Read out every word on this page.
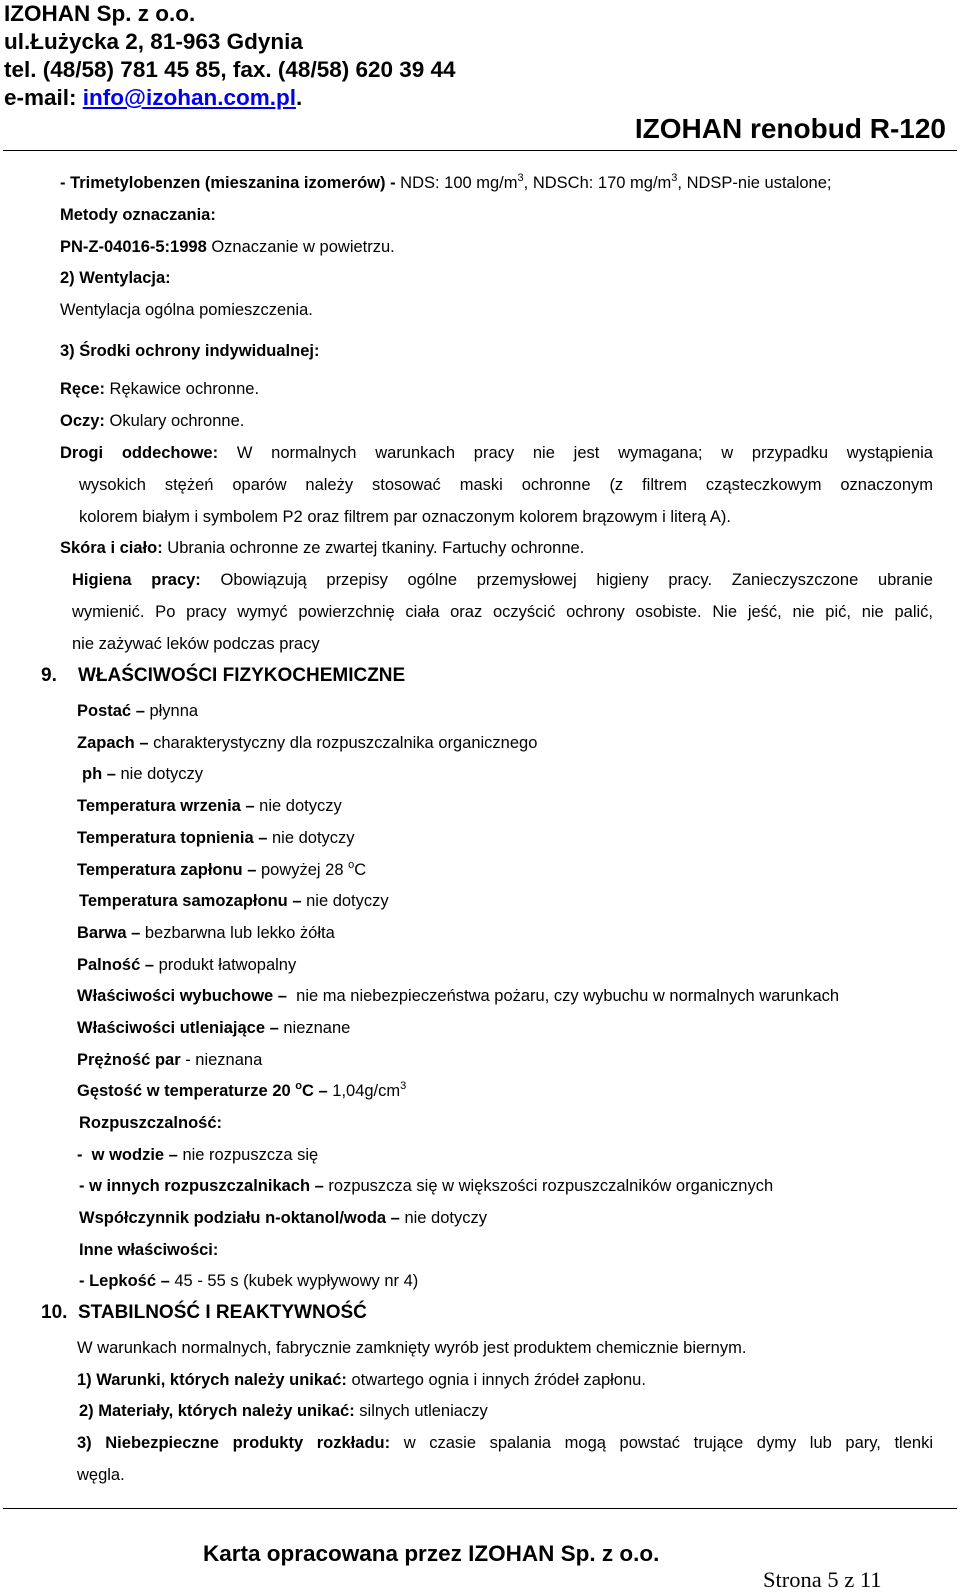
IZOHAN Sp. z o.o.
ul.Łużycka 2, 81-963 Gdynia
tel. (48/58) 781 45 85, fax. (48/58) 620 39 44
e-mail: info@izohan.com.pl.
IZOHAN renobud R-120
- Trimetylobenzen (mieszanina izomerów) - NDS: 100 $mg/m^3$, NDSCh: 170 $mg/m^3$, NDSP-nie ustalone;
Metody oznaczania:
PN-Z-04016-5:1998 Oznaczanie w powietrzu.
2) Wentylacja:
Wentylacja ogólna pomieszczenia.
3) Środki ochrony indywidualnej:
Ręce: Rękawice ochronne.
Oczy: Okulary ochronne.
Drogi oddechowe: W normalnych warunkach pracy nie jest wymagana; w przypadku wystąpienia
wysokich stężeń oparów należy stosować maski ochronne (z filtrem cząsteczkowym oznaczonym
kolorem białym i symbolem P2 oraz filtrem par oznaczonym kolorem brązowym i literą A).
Skóra i ciało: Ubrania ochronne ze zwartej tkaniny. Fartuchy ochronne.
Higiena pracy: Obowiązują przepisy ogólne przemysłowej higieny pracy. Zanieczyszczone ubranie
wymienić. Po pracy wymyć powierzchnię ciała oraz oczyścić ochrony osobiste. Nie jeść, nie pić, nie palić,
nie zażywać leków podczas pracy
9. WŁAŚCIWOŚCI FIZYKOCHEMICZNE
Postać – płynna
Zapach – charakterystyczny dla rozpuszczalnika organicznego
ph – nie dotyczy
Temperatura wrzenia – nie dotyczy
Temperatura topnienia – nie dotyczy
Temperatura zapłonu – powyżej 28 $^o$C
Temperatura samozapłonu – nie dotyczy
Barwa – bezbarwna lub lekko żółta
Palność – produkt łatwopalny
Właściwości wybuchowe –  nie ma niebezpieczeństwa pożaru, czy wybuchu w normalnych warunkach
Właściwości utleniające – nieznane
Prężność par - nieznana
Gęstość w temperaturze 20 $^oC - 1,04g/cm^3$
Rozpuszczalność:
-  w wodzie – nie rozpuszcza się
- w innych rozpuszczalnikach – rozpuszcza się w większości rozpuszczalników organicznych
Współczynnik podziału n-oktanol/woda – nie dotyczy
Inne właściwości:
- Lepkość – 45 - 55 s (kubek wypływowy nr 4)
10. STABILNOŚĆ I REAKTYWNOŚĆ
W warunkach normalnych, fabrycznie zamknięty wyrób jest produktem chemicznie biernym.
1) Warunki, których należy unikać: otwartego ognia i innych źródeł zapłonu.
2) Materiały, których należy unikać: silnych utleniaczy
3) Niebezpieczne produkty rozkładu: w czasie spalania mogą powstać trujące dymy lub pary, tlenki
węgla.
Karta opracowana przez IZOHAN Sp. z o.o.
Strona 5 z 11
